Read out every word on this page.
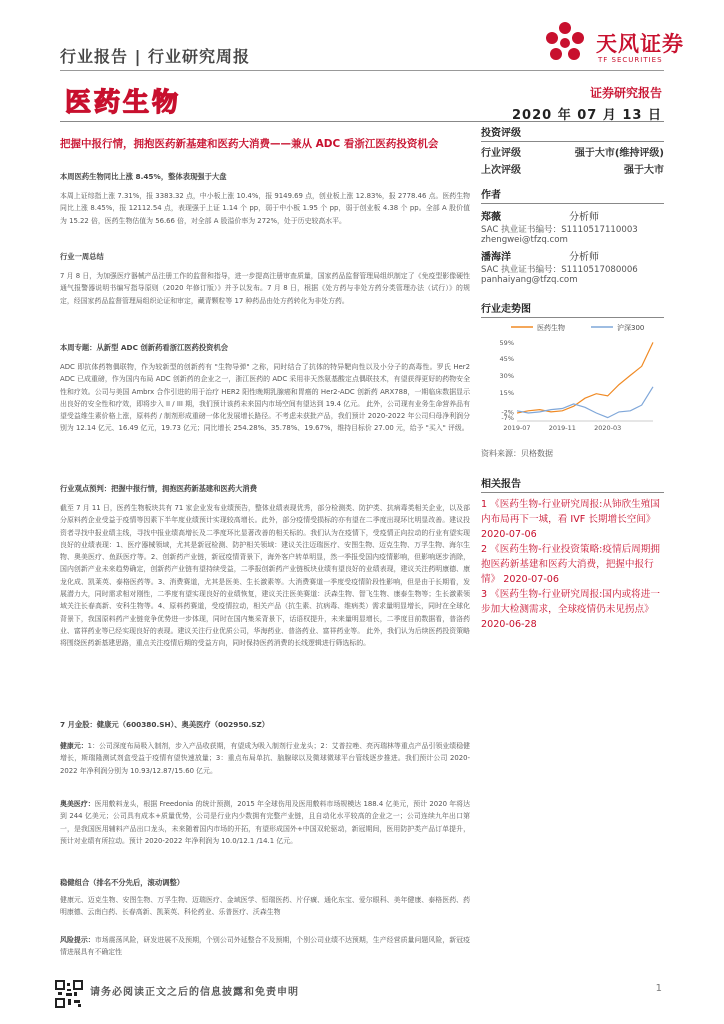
行业报告 | 行业研究周报
天风证券
TF SECURITIES
医药生物	证券研究报告
2020 年 07 月 13 日
把握中报行情，拥抱医药新基建和医药大消费——兼从 ADC 看浙江医药投资机会
本周医药生物同比上涨 8.45%，整体表现强于大盘
本周上证综指上涨 7.31%，报 3383.32 点，中小板上涨 10.4%，报 9149.69 点，创业板上涨 12.83%，报 2778.46 点。医药生物同比上涨 8.45%，报 12112.54 点，表现强于上证 1.14 个 pp，弱于中小板 1.95 个 pp，弱于创业板 4.38 个 pp。全部 A 股价值为 15.22 倍，医药生物估值为 56.66 倍，对全部 A 股溢价率为 272%，处于历史较高水平。
行业一周总结
7 月 8 日，为加强医疗器械产品注册工作的监督和指导，进一步提高注册审查质量，国家药品监督管理局组织制定了《免疫型影像硬性通气报警器说明书编写指导原则（2020 年修订版）》并予以发布。7 月 8 日，根据《处方药与非处方药分类管理办法（试行）》的规定，经国家药品监督管理局组织论证和审定，藏青颗粒等 17 种药品由处方药转化为非处方药。
本周专题：从新型 ADC 创新药看浙江医药投资机会
ADC 即抗体药物偶联物，作为较新型的创新药有 "生物导弹" 之称，同时结合了抗体的特异靶向性以及小分子的高毒性。罗氏 Her2 ADC 已成重磅，作为国内布局 ADC 创新药的企业之一，浙江医药的 ADC 采用非天然氨基酸定点偶联技术，有望获得更好的药物安全性和疗效。公司与美国 Ambrx 合作引进的用于治疗 HER2 阳性晚期乳腺癌和胃癌的 Her2-ADC 创新药 ARX788，一期临床数据显示出良好的安全性和疗效，即将步入 II / III 期，我们预计该药未来国内市场空间有望达到 19.4 亿元。 此外，公司现有业务生命营养品有望受益维生素价格上涨，原料药 / 制剂形成重磅一体化发展增长路径。不考虑未获批产品，我们预计 2020-2022 年公司归母净利润分别为 12.14 亿元、16.49 亿元，19.73 亿元；同比增长 254.28%、35.78%、19.67%，维持目标价 27.00 元，给予 "买入" 评级。
行业观点预判：把握中报行情，拥抱医药新基建和医药大消费
截至 7 月 11 日，医药生物板块共有 71 家企业发布业绩预告，整体业绩表现优秀，部分检测类、防护类、抗病毒类相关企业，以及部分原料药企业受益于疫情等因素下半年度业绩预计实现较高增长。此外，部分疫情受损标的亦有望在二季度出现环比明显改善。建议投资者寻找中报业绩主线，寻找中报业绩高增长及二季度环比显著改善的相关标的。我们认为在疫情下，受疫情正向拉动的行业有望实现良好的业绩表现：1、医疗器械领域，尤其是新冠检测、防护相关领域：建议关注迈瑞医疗、安图生物、迈克生物、万孚生物、海尔生物、奥美医疗、鱼跃医疗等。2、创新药产业链，新冠疫情背景下，海外客户转单明显，然一季报受国内疫情影响，但影响逐步消除，国内创新产业未来趋势确定，创新药产业链有望持续受益，二季报创新药产业链板块业绩有望良好的业绩表现，建议关注药明康德、康龙化成、凯莱英、泰格医药等。3、消费赛道，尤其是医美、生长激素等。大消费赛道一季度受疫情阶段性影响，但是由于长期看，发展潜力大，同时需求相对刚性，二季度有望实现良好的业绩恢复，建议关注医美赛道：沃森生物、智飞生物、康泰生物等；生长激素领域关注长春高新、安科生物等。4、原料药赛道，受疫情拉动，相关产品（抗生素、抗病毒、维病类）需求量明显增长，同时在全球化背景下，我国原料药产业链竞争优势进一步体现，同时在国内集采背景下，话语权提升，未来量明显增长，二季度目前数据看，普洛药业、富祥药业等已经实现良好的表现。建议关注行业优质公司，华海药业、普洛药业、富祥药业等。 此外，我们认为后续医药投资策略将围绕医药新基建思路，重点关注疫情后期的受益方向，同时保持医药消费的长线逻辑进行筛选标的。
7 月金股：健康元（600380.SH）、奥美医疗（002950.SZ）
健康元：1：公司深度布局吸入制剂，步入产品收获期，有望成为吸入制剂行业龙头；2：艾普拉唑、亮丙瑞林等重点产品引领业绩稳健增长，斯瑞隆测试剂盒受益于疫情有望快速放量；3：重点布局单抗、脑腺球以及微球微球平台管线逐步推进。我们预计公司 2020-2022 年净利润分别为 10.93/12.87/15.60 亿元。
奥美医疗：医用敷料龙头，根据 Freedonia 的统计预测，2015 年全球伤用及医用敷料市场规模达 188.4 亿美元，预计 2020 年将达到 244 亿美元；公司具有成本+质量优势，公司是行业内少数拥有完整产业链，且自动化水平较高的企业之一；公司连续九年出口第一，是我国医用辅料产品出口龙头，未来随着国内市场的开拓，有望形成国外+中国双轮驱动，新冠期间，医用防护类产品订单提升，预计对业绩有所拉动。预计 2020-2022 年净利润为 10.0/12.1 /14.1 亿元。
稳健组合（排名不分先后，滚动调整）
健康元、迈克生物、安图生物、万孚生物、迈瑞医疗、金域医学、恒瑞医药、片仔癀、通化东宝、爱尔眼科、美年健康、泰格医药、药明康德、云南白药、长春高新、凯莱英、科伦药业、乐普医疗、沃森生物
风险提示：市场震荡风险，研发进展不及预期，个别公司外延整合不及预期，个别公司业绩不达预期，生产经营质量问题风险，新冠疫情进展具有不确定性
投资评级
行业评级	强于大市(维持评级)
上次评级	强于大市
作者
郑薇	分析师
SAC 执业证书编号：S1110517110003
zhengwei@tfzq.com
潘海洋	分析师
SAC 执业证书编号：S1110517080006
panhaiyang@tfzq.com
行业走势图
医药生物	沪深300
59%
45%
30%
15%
-2%
-7%
2019-07	2019-11	2020-03
资料来源：贝格数据
相关报告
1 《医药生物-行业研究周报:从铈欣生殖国内布局再下一城，看 IVF 长期增长空间》 2020-07-06
2 《医药生物-行业投资策略:疫情后周期拥抱医药新基建和医药大消费，把握中报行情》 2020-07-06
3 《医药生物-行业研究周报:国内或将进一步加大检测需求，全球疫情仍未见拐点》 2020-06-28
请务必阅读正文之后的信息披露和免责申明	1
